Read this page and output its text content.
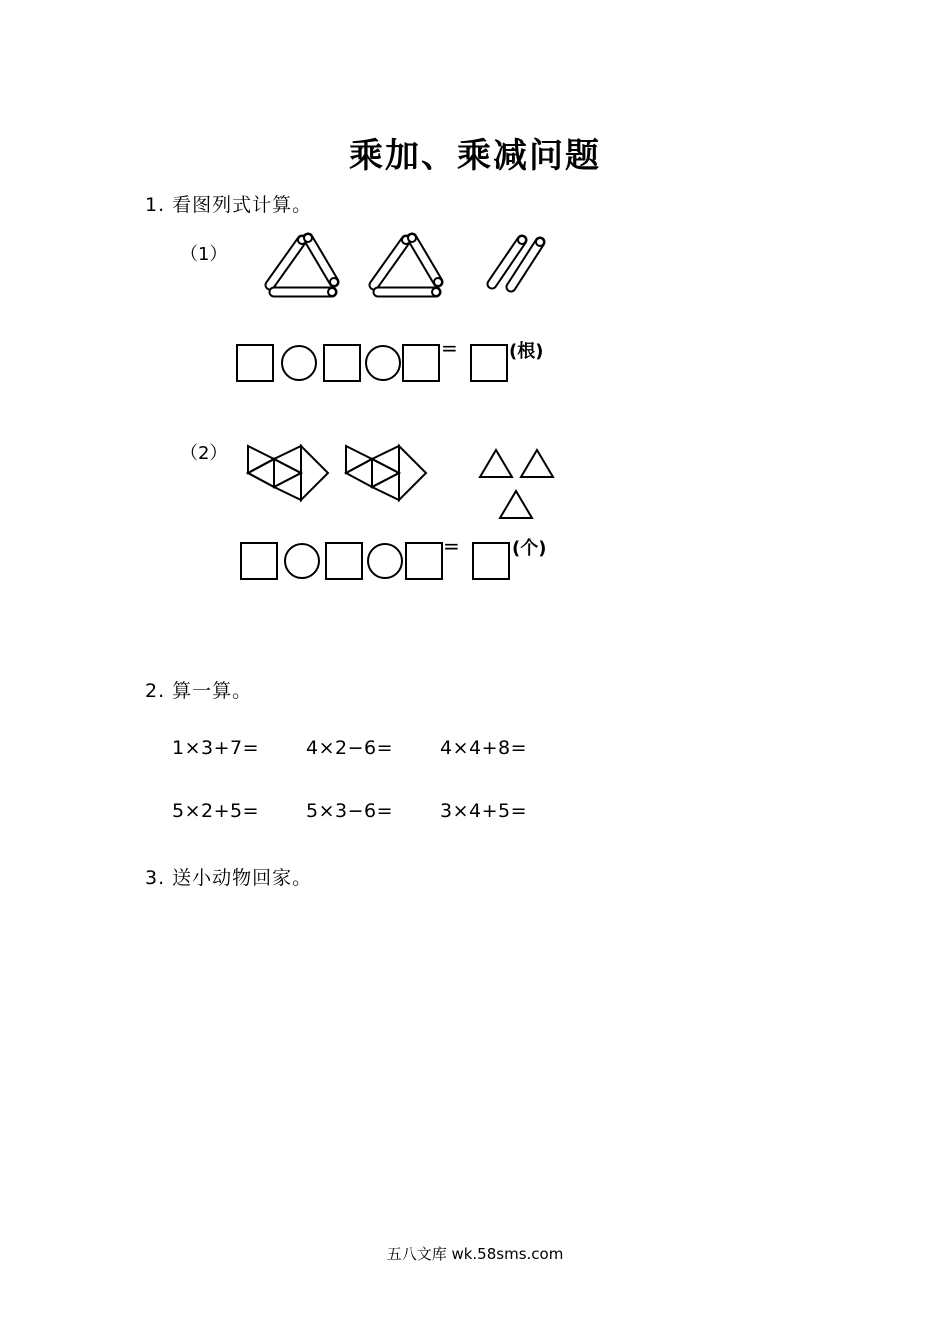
乘加、乘减问题
1. 看图列式计算。
（1）
=	(根)
（2）
=	(个)
2. 算一算。
1×3+7= 4×2−6= 4×4+8=
5×2+5= 5×3−6= 3×4+5=
3. 送小动物回家。
五八文库 wk.58sms.com
